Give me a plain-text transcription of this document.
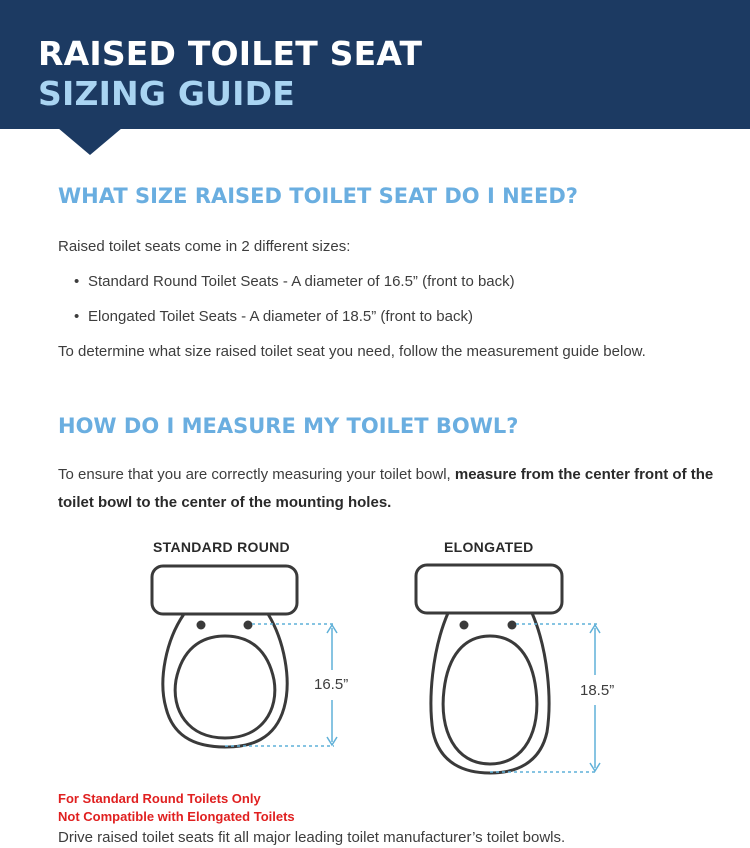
RAISED TOILET SEAT
SIZING GUIDE
WHAT SIZE RAISED TOILET SEAT DO I NEED?

Raised toilet seats come in 2 different sizes:

• Standard Round Toilet Seats - A diameter of 16.5” (front to back)
• Elongated Toilet Seats - A diameter of 18.5” (front to back)

To determine what size raised toilet seat you need, follow the measurement guide below.

HOW DO I MEASURE MY TOILET BOWL?

To ensure that you are correctly measuring your toilet bowl, measure from the center front of the toilet bowl to the center of the mounting holes.

STANDARD ROUND	ELONGATED
16.5”	18.5”
For Standard Round Toilets Only
Not Compatible with Elongated Toilets
Drive raised toilet seats fit all major leading toilet manufacturer’s toilet bowls.
